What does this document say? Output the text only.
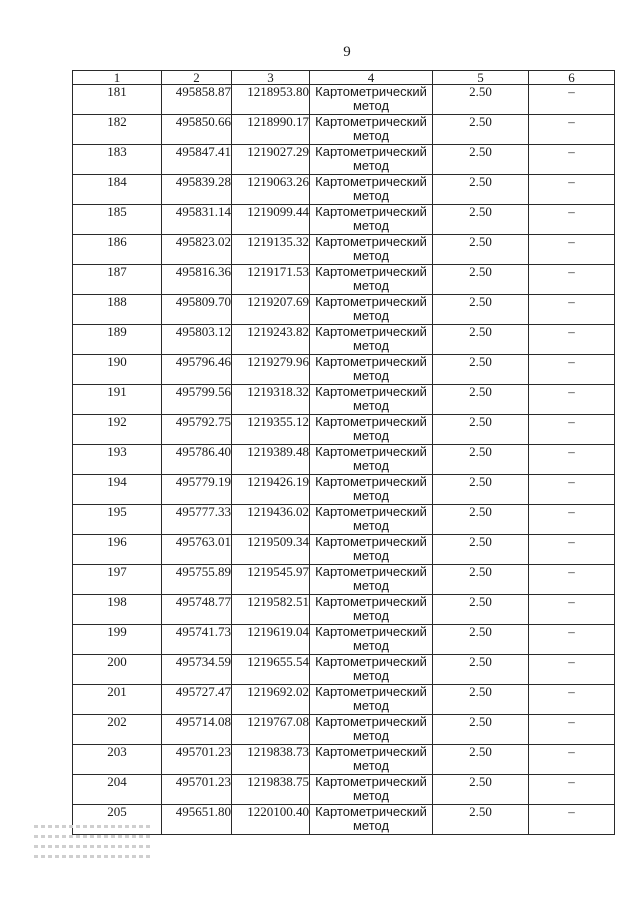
9
1	2	3	4	5	6
181	495858.87	1218953.80	Картометрический метод	2.50	–
182	495850.66	1218990.17	Картометрический метод	2.50	–
183	495847.41	1219027.29	Картометрический метод	2.50	–
184	495839.28	1219063.26	Картометрический метод	2.50	–
185	495831.14	1219099.44	Картометрический метод	2.50	–
186	495823.02	1219135.32	Картометрический метод	2.50	–
187	495816.36	1219171.53	Картометрический метод	2.50	–
188	495809.70	1219207.69	Картометрический метод	2.50	–
189	495803.12	1219243.82	Картометрический метод	2.50	–
190	495796.46	1219279.96	Картометрический метод	2.50	–
191	495799.56	1219318.32	Картометрический метод	2.50	–
192	495792.75	1219355.12	Картометрический метод	2.50	–
193	495786.40	1219389.48	Картометрический метод	2.50	–
194	495779.19	1219426.19	Картометрический метод	2.50	–
195	495777.33	1219436.02	Картометрический метод	2.50	–
196	495763.01	1219509.34	Картометрический метод	2.50	–
197	495755.89	1219545.97	Картометрический метод	2.50	–
198	495748.77	1219582.51	Картометрический метод	2.50	–
199	495741.73	1219619.04	Картометрический метод	2.50	–
200	495734.59	1219655.54	Картометрический метод	2.50	–
201	495727.47	1219692.02	Картометрический метод	2.50	–
202	495714.08	1219767.08	Картометрический метод	2.50	–
203	495701.23	1219838.73	Картометрический метод	2.50	–
204	495701.23	1219838.75	Картометрический метод	2.50	–
205	495651.80	1220100.40	Картометрический метод	2.50	–
